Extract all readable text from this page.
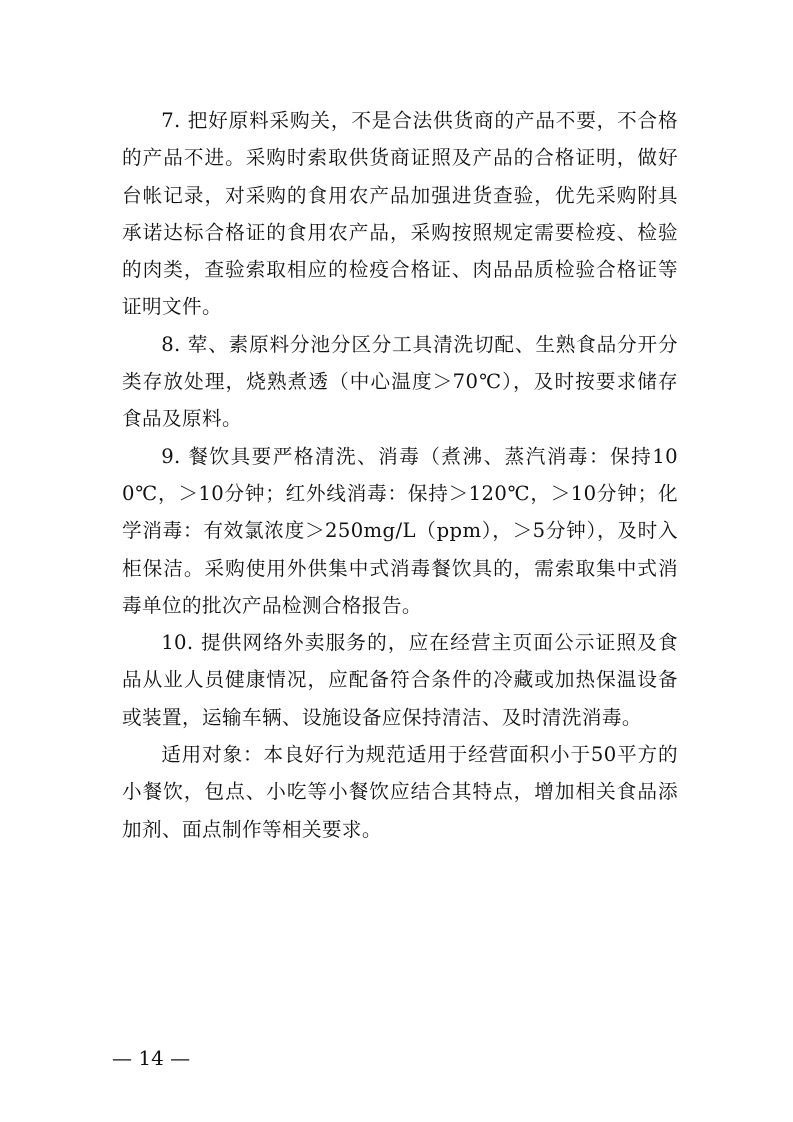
7. 把好原料采购关，不是合法供货商的产品不要，不合格的产品不进。采购时索取供货商证照及产品的合格证明，做好台帐记录，对采购的食用农产品加强进货查验，优先采购附具承诺达标合格证的食用农产品，采购按照规定需要检疫、检验的肉类，查验索取相应的检疫合格证、肉品品质检验合格证等证明文件。

8. 荤、素原料分池分区分工具清洗切配、生熟食品分开分类存放处理，烧熟煮透（中心温度＞70℃），及时按要求储存食品及原料。

9. 餐饮具要严格清洗、消毒（煮沸、蒸汽消毒：保持100℃，＞10分钟；红外线消毒：保持＞120℃，＞10分钟；化学消毒：有效氯浓度＞250mg/L（ppm），＞5分钟），及时入柜保洁。采购使用外供集中式消毒餐饮具的，需索取集中式消毒单位的批次产品检测合格报告。

10. 提供网络外卖服务的，应在经营主页面公示证照及食品从业人员健康情况，应配备符合条件的冷藏或加热保温设备或装置，运输车辆、设施设备应保持清洁、及时清洗消毒。

适用对象：本良好行为规范适用于经营面积小于50平方的小餐饮，包点、小吃等小餐饮应结合其特点，增加相关食品添加剂、面点制作等相关要求。

— 14 —
